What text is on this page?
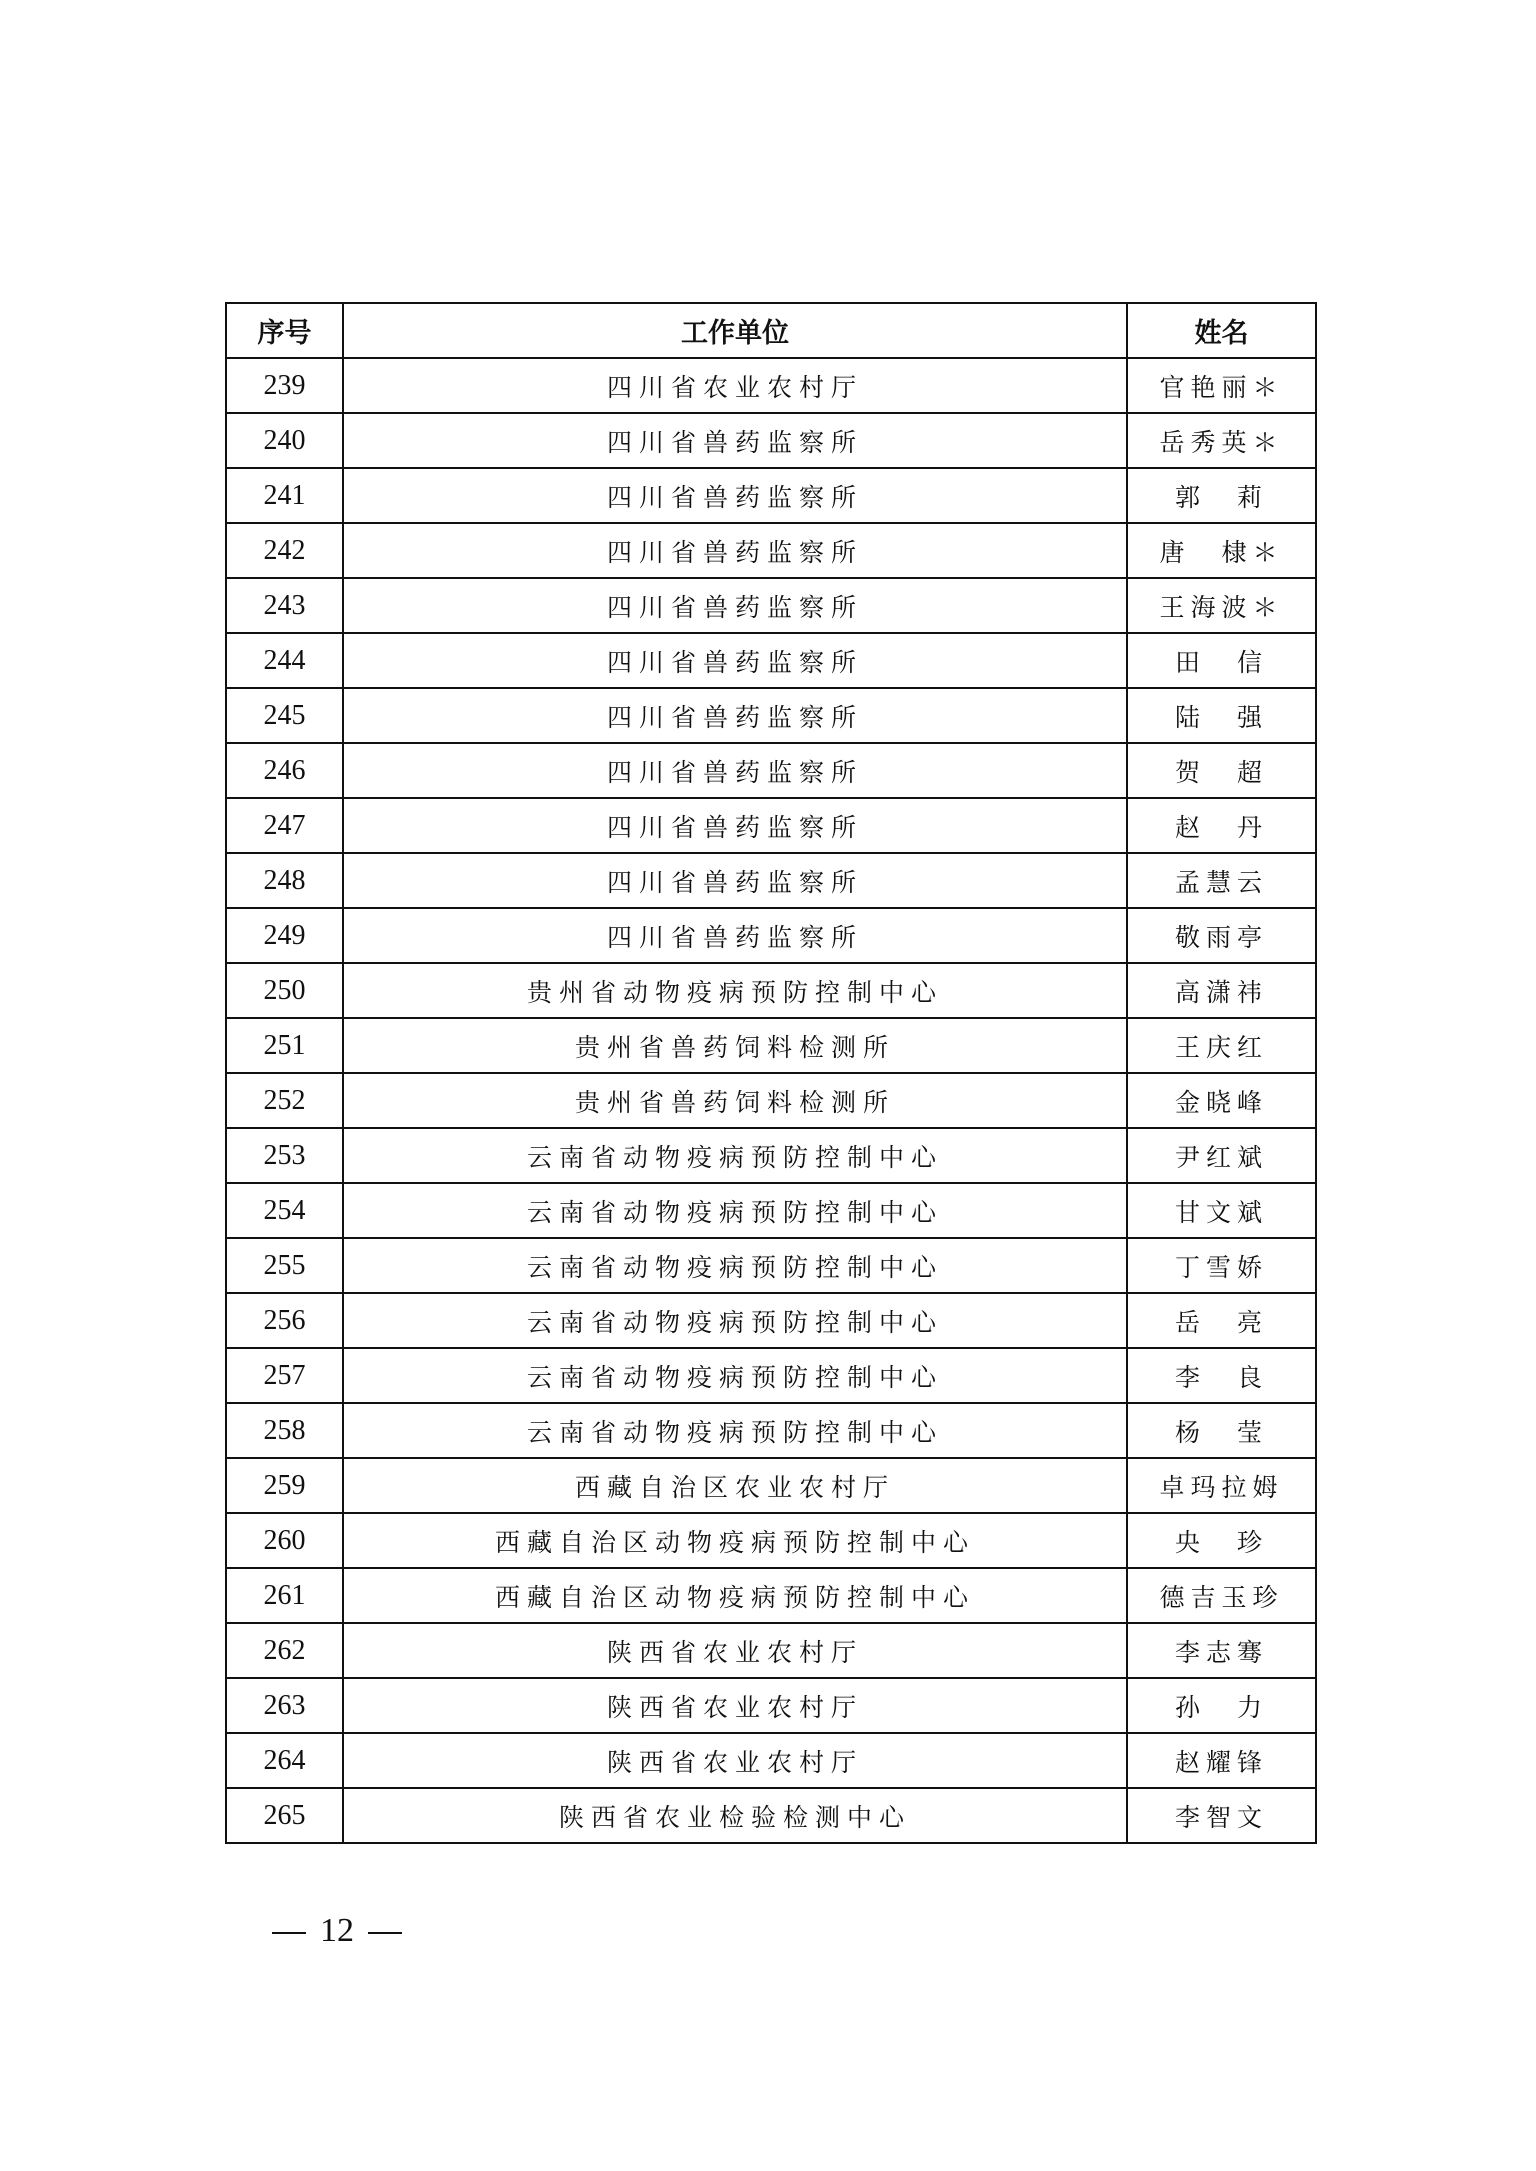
序号	工作单位	姓名
239	四川省农业农村厅	官艳丽＊
240	四川省兽药监察所	岳秀英＊
241	四川省兽药监察所	郭　莉
242	四川省兽药监察所	唐　棣＊
243	四川省兽药监察所	王海波＊
244	四川省兽药监察所	田　信
245	四川省兽药监察所	陆　强
246	四川省兽药监察所	贺　超
247	四川省兽药监察所	赵　丹
248	四川省兽药监察所	孟慧云
249	四川省兽药监察所	敬雨亭
250	贵州省动物疫病预防控制中心	高潇祎
251	贵州省兽药饲料检测所	王庆红
252	贵州省兽药饲料检测所	金晓峰
253	云南省动物疫病预防控制中心	尹红斌
254	云南省动物疫病预防控制中心	甘文斌
255	云南省动物疫病预防控制中心	丁雪娇
256	云南省动物疫病预防控制中心	岳　亮
257	云南省动物疫病预防控制中心	李　良
258	云南省动物疫病预防控制中心	杨　莹
259	西藏自治区农业农村厅	卓玛拉姆
260	西藏自治区动物疫病预防控制中心	央　珍
261	西藏自治区动物疫病预防控制中心	德吉玉珍
262	陕西省农业农村厅	李志骞
263	陕西省农业农村厅	孙　力
264	陕西省农业农村厅	赵耀锋
265	陕西省农业检验检测中心	李智文
12
